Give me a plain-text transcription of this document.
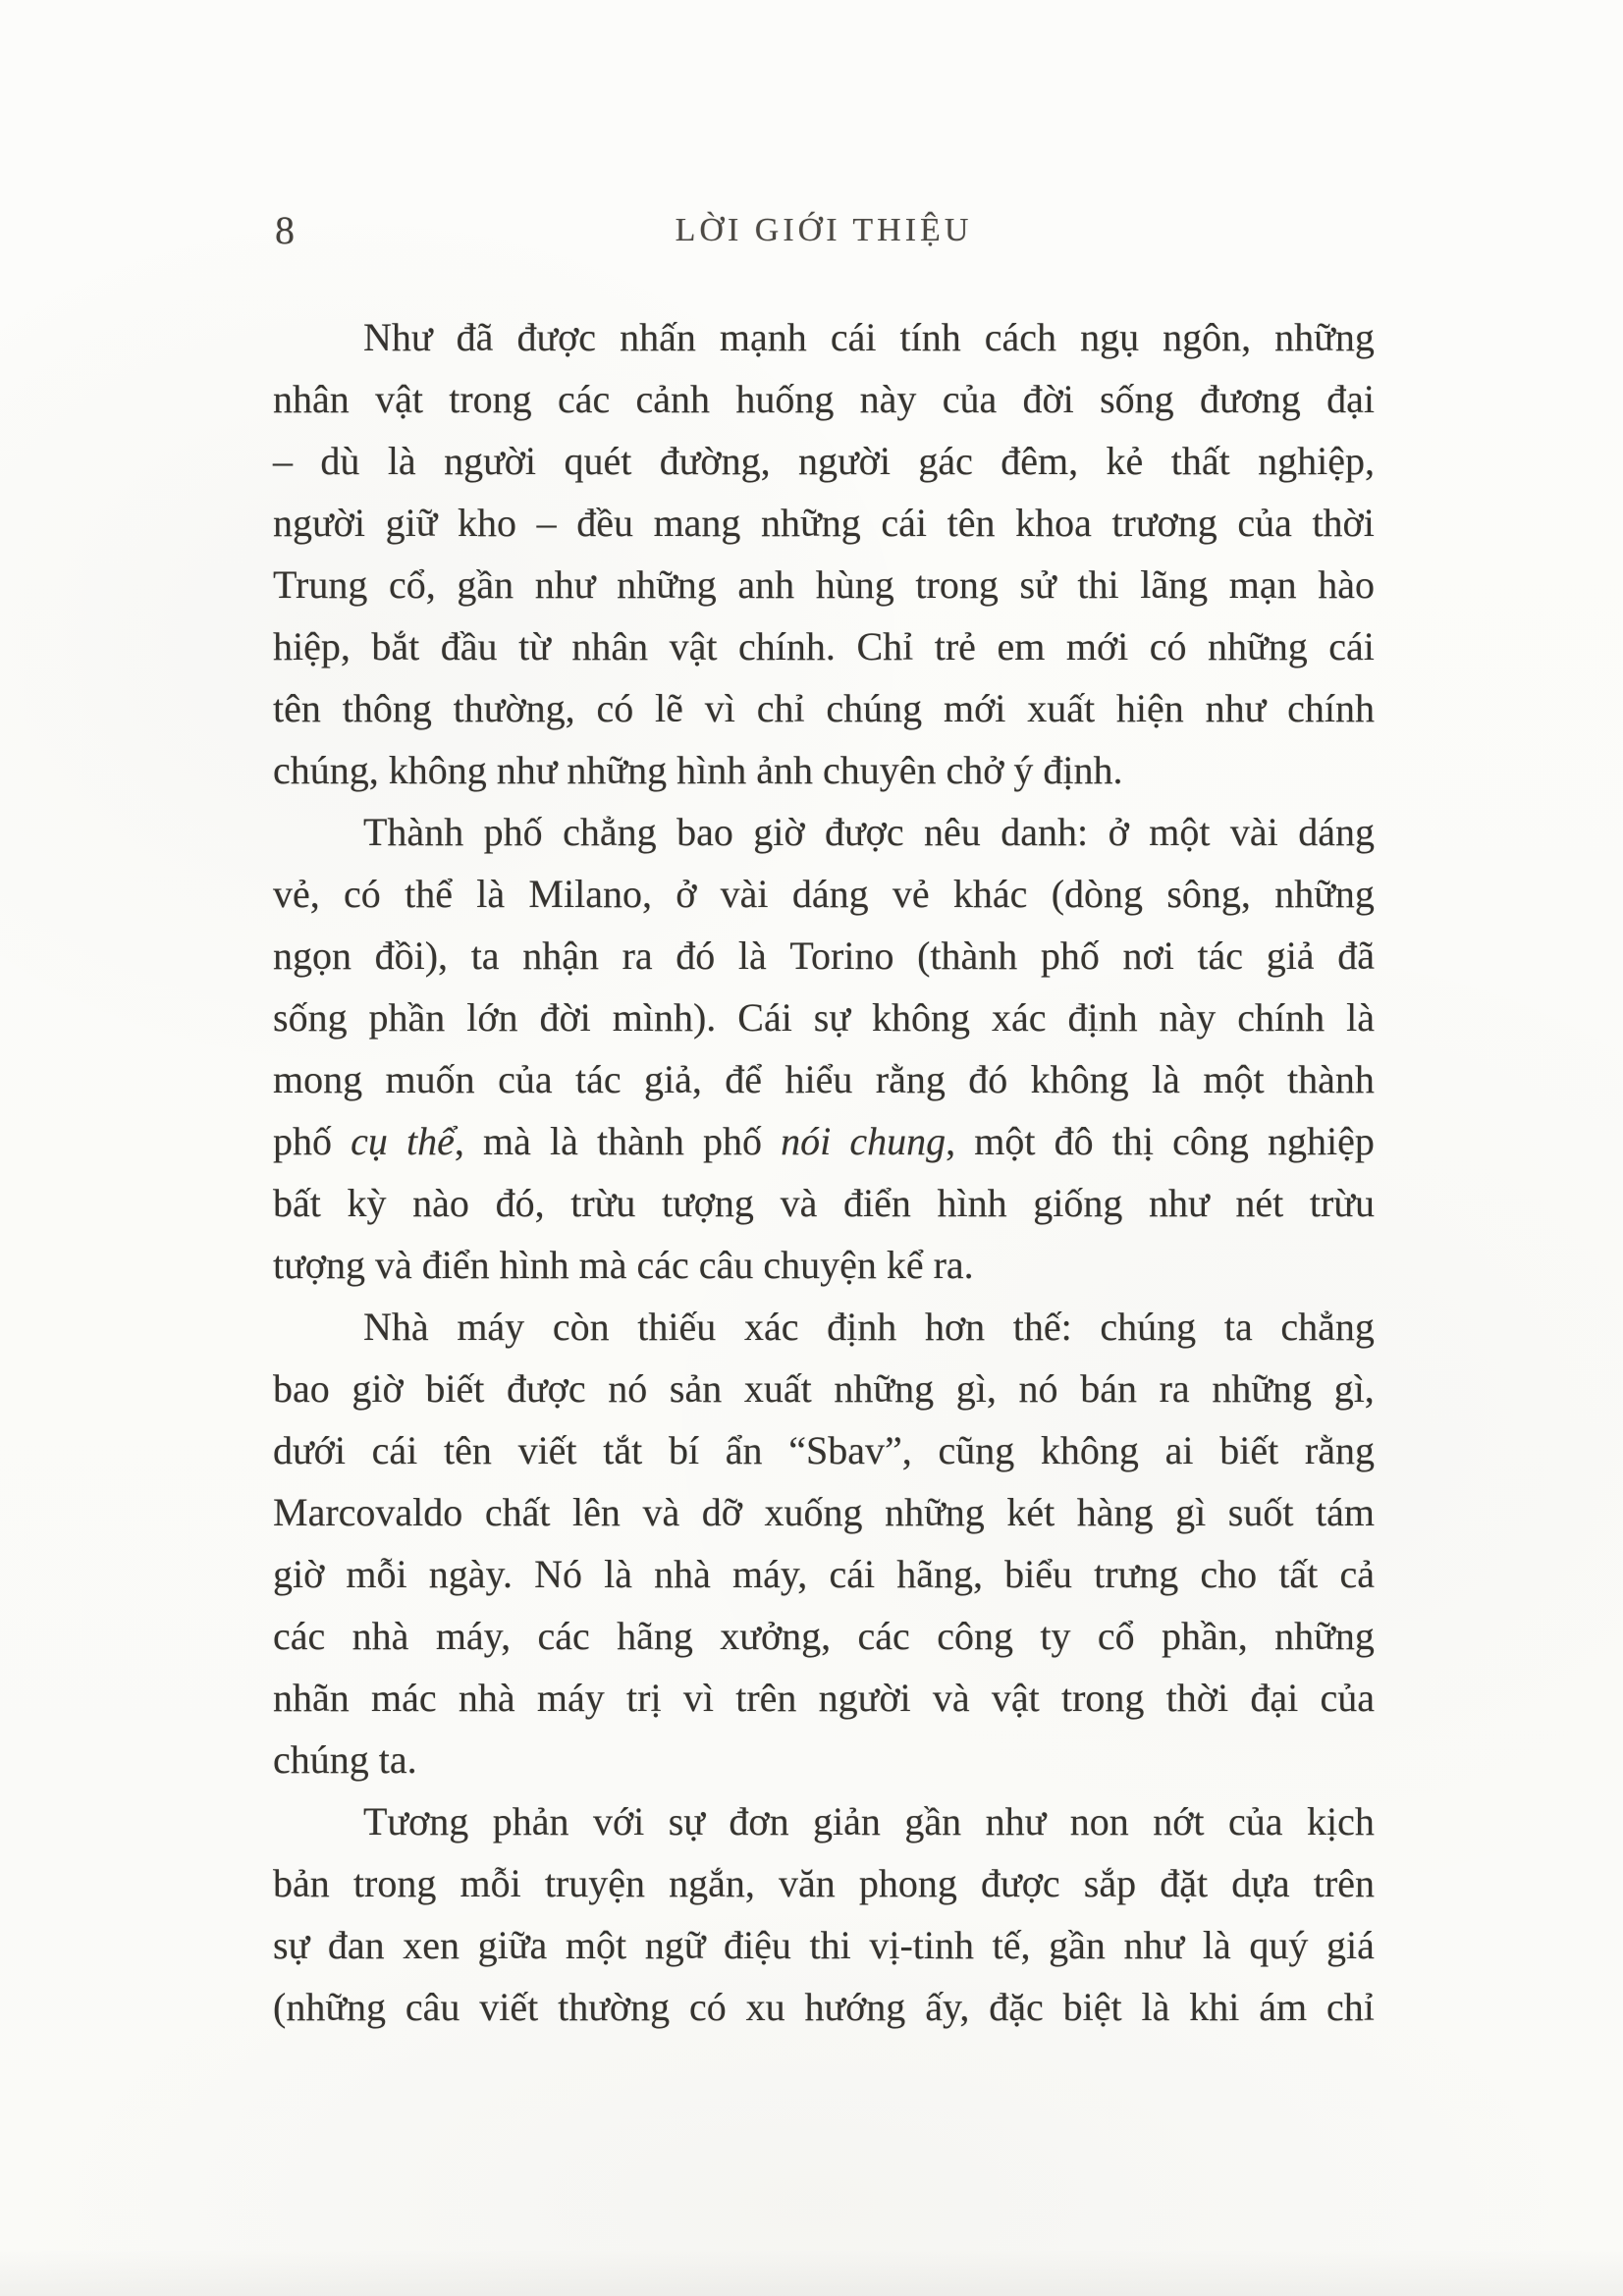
8	LỜI GIỚI THIỆU
Như đã được nhấn mạnh cái tính cách ngụ ngôn, những
nhân vật trong các cảnh huống này của đời sống đương đại
– dù là người quét đường, người gác đêm, kẻ thất nghiệp,
người giữ kho – đều mang những cái tên khoa trương của thời
Trung cổ, gần như những anh hùng trong sử thi lãng mạn hào
hiệp, bắt đầu từ nhân vật chính. Chỉ trẻ em mới có những cái
tên thông thường, có lẽ vì chỉ chúng mới xuất hiện như chính
chúng, không như những hình ảnh chuyên chở ý định.
Thành phố chẳng bao giờ được nêu danh: ở một vài dáng
vẻ, có thể là Milano, ở vài dáng vẻ khác (dòng sông, những
ngọn đồi), ta nhận ra đó là Torino (thành phố nơi tác giả đã
sống phần lớn đời mình). Cái sự không xác định này chính là
mong muốn của tác giả, để hiểu rằng đó không là một thành
phố cụ thể, mà là thành phố nói chung, một đô thị công nghiệp
bất kỳ nào đó, trừu tượng và điển hình giống như nét trừu
tượng và điển hình mà các câu chuyện kể ra.
Nhà máy còn thiếu xác định hơn thế: chúng ta chẳng
bao giờ biết được nó sản xuất những gì, nó bán ra những gì,
dưới cái tên viết tắt bí ẩn “Sbav”, cũng không ai biết rằng
Marcovaldo chất lên và dỡ xuống những két hàng gì suốt tám
giờ mỗi ngày. Nó là nhà máy, cái hãng, biểu trưng cho tất cả
các nhà máy, các hãng xưởng, các công ty cổ phần, những
nhãn mác nhà máy trị vì trên người và vật trong thời đại của
chúng ta.
Tương phản với sự đơn giản gần như non nớt của kịch
bản trong mỗi truyện ngắn, văn phong được sắp đặt dựa trên
sự đan xen giữa một ngữ điệu thi vị-tinh tế, gần như là quý giá
(những câu viết thường có xu hướng ấy, đặc biệt là khi ám chỉ
